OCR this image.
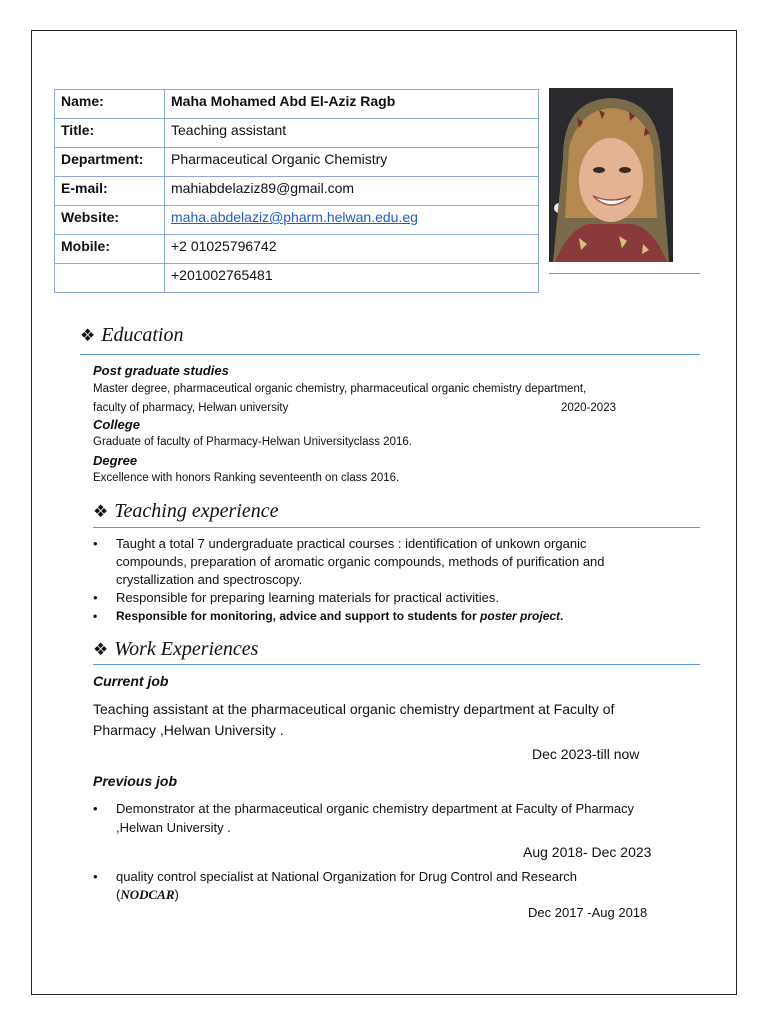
Name:	Maha Mohamed Abd El-Aziz Ragb
Title:	Teaching assistant
Department:	Pharmaceutical Organic Chemistry
E-mail:	mahiabdelaziz89@gmail.com
Website:	maha.abdelaziz@pharm.helwan.edu.eg
Mobile:	+2 01025796742
	+201002765481
❖ Education
Post graduate studies
Master degree, pharmaceutical organic chemistry, pharmaceutical organic chemistry department,
faculty of pharmacy, Helwan university	2020-2023
College
Graduate of faculty of Pharmacy-Helwan Universityclass 2016.
Degree
Excellence with honors Ranking seventeenth on class 2016.
❖ Teaching experience
• Taught a total 7 undergraduate practical courses : identification of unkown organic
compounds, preparation of aromatic organic compounds, methods of purification and
crystallization and spectroscopy.
• Responsible for preparing learning materials for practical activities.
• Responsible for monitoring, advice and support to students for poster project.
❖ Work Experiences
Current job
Teaching assistant at the pharmaceutical organic chemistry department at Faculty of
Pharmacy ,Helwan University .
Dec 2023-till now
Previous job
• Demonstrator at the pharmaceutical organic chemistry department at Faculty of Pharmacy
,Helwan University .
Aug 2018- Dec 2023
• quality control specialist at National Organization for Drug Control and Research
(NODCAR)
Dec 2017 -Aug 2018
